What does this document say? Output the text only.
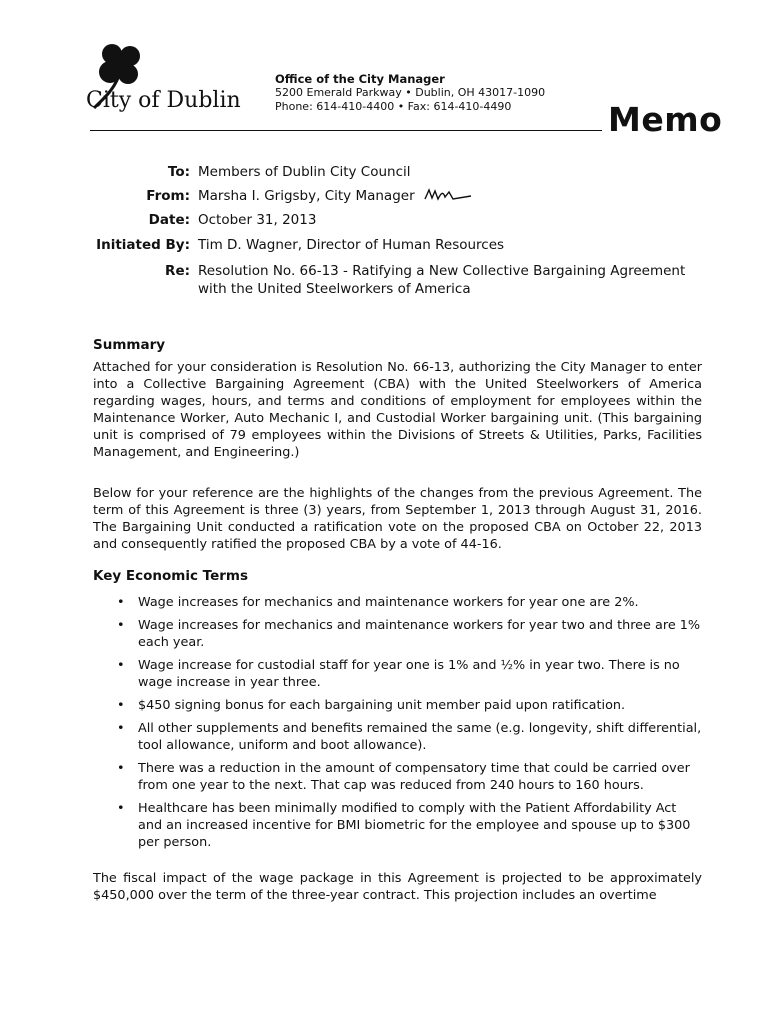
City of Dublin
Office of the City Manager
5200 Emerald Parkway • Dublin, OH 43017-1090
Phone: 614-410-4400 • Fax: 614-410-4490	Memo
To: Members of Dublin City Council
From: Marsha I. Grigsby, City Manager
Date: October 31, 2013
Initiated By: Tim D. Wagner, Director of Human Resources
Re: Resolution No. 66-13 - Ratifying a New Collective Bargaining Agreement with the United Steelworkers of America
Summary
Attached for your consideration is Resolution No. 66-13, authorizing the City Manager to enter into a Collective Bargaining Agreement (CBA) with the United Steelworkers of America regarding wages, hours, and terms and conditions of employment for employees within the Maintenance Worker, Auto Mechanic I, and Custodial Worker bargaining unit. (This bargaining unit is comprised of 79 employees within the Divisions of Streets & Utilities, Parks, Facilities Management, and Engineering.)
Below for your reference are the highlights of the changes from the previous Agreement. The term of this Agreement is three (3) years, from September 1, 2013 through August 31, 2016. The Bargaining Unit conducted a ratification vote on the proposed CBA on October 22, 2013 and consequently ratified the proposed CBA by a vote of 44-16.
Key Economic Terms
• Wage increases for mechanics and maintenance workers for year one are 2%.
• Wage increases for mechanics and maintenance workers for year two and three are 1% each year.
• Wage increase for custodial staff for year one is 1% and ½% in year two. There is no wage increase in year three.
• $450 signing bonus for each bargaining unit member paid upon ratification.
• All other supplements and benefits remained the same (e.g. longevity, shift differential, tool allowance, uniform and boot allowance).
• There was a reduction in the amount of compensatory time that could be carried over from one year to the next. That cap was reduced from 240 hours to 160 hours.
• Healthcare has been minimally modified to comply with the Patient Affordability Act and an increased incentive for BMI biometric for the employee and spouse up to $300 per person.
The fiscal impact of the wage package in this Agreement is projected to be approximately $450,000 over the term of the three-year contract. This projection includes an overtime
